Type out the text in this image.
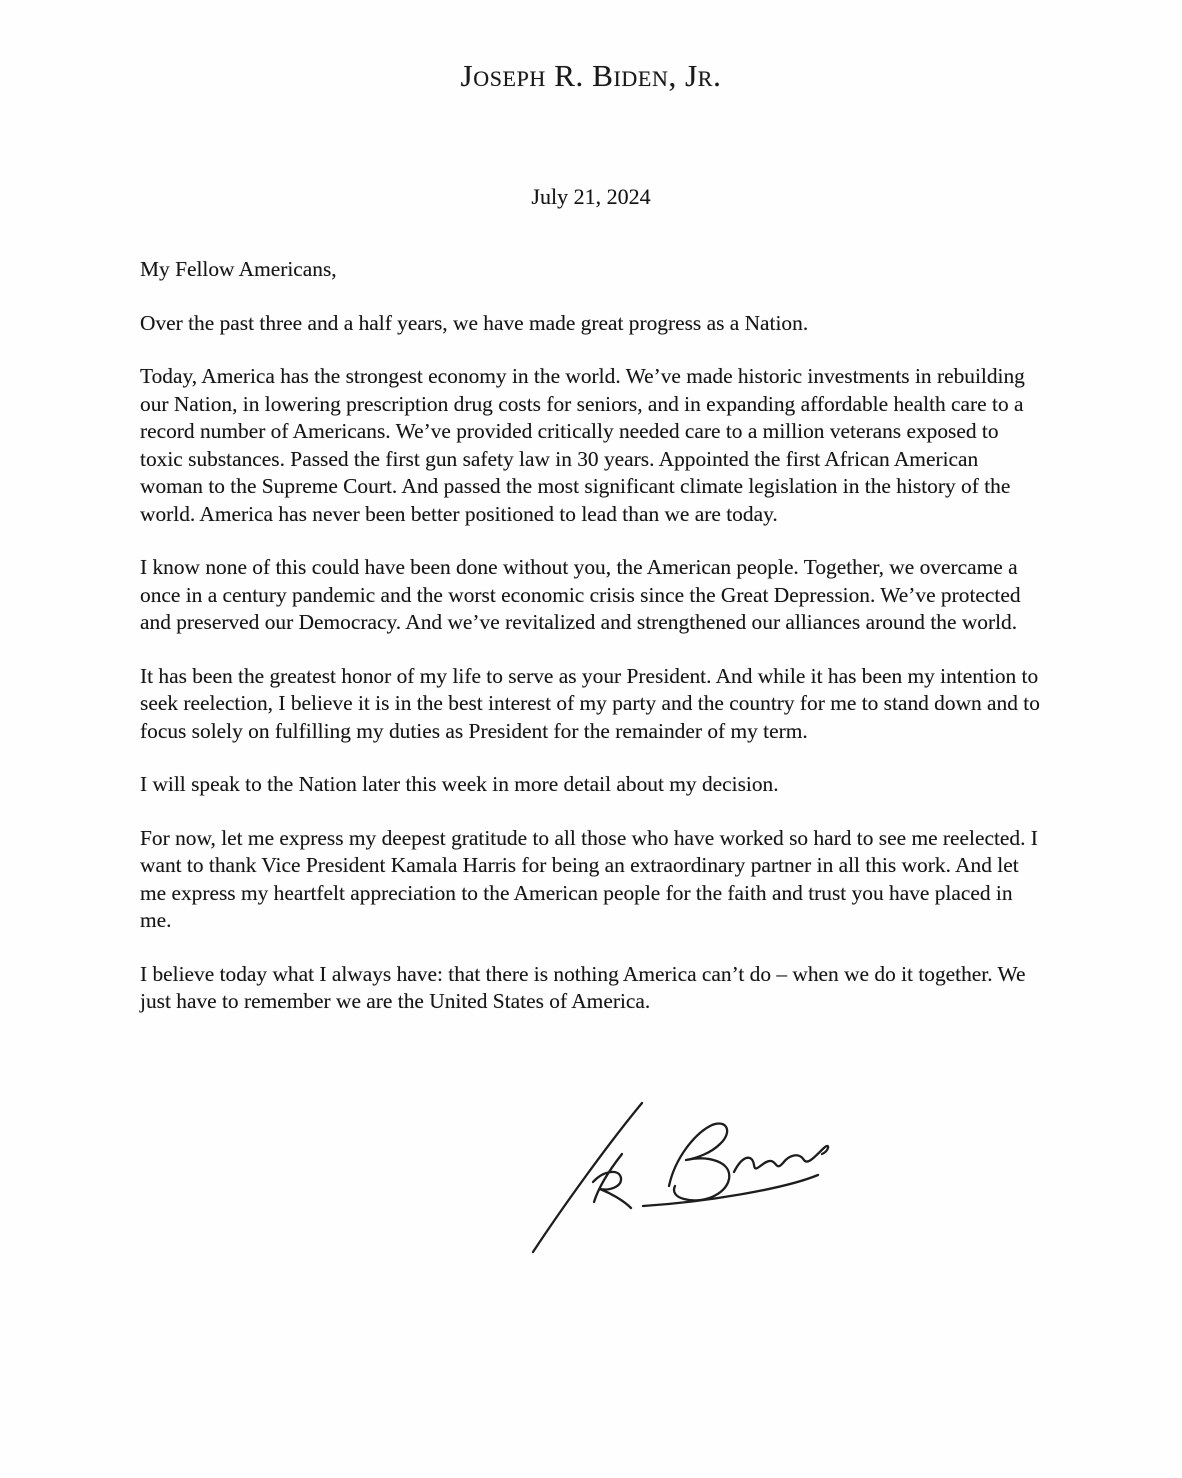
Joseph R. Biden, Jr.
July 21, 2024

My Fellow Americans,

Over the past three and a half years, we have made great progress as a Nation.

Today, America has the strongest economy in the world. We’ve made historic investments in rebuilding our Nation, in lowering prescription drug costs for seniors, and in expanding affordable health care to a record number of Americans. We’ve provided critically needed care to a million veterans exposed to toxic substances. Passed the first gun safety law in 30 years. Appointed the first African American woman to the Supreme Court. And passed the most significant climate legislation in the history of the world. America has never been better positioned to lead than we are today.

I know none of this could have been done without you, the American people. Together, we overcame a once in a century pandemic and the worst economic crisis since the Great Depression. We’ve protected and preserved our Democracy. And we’ve revitalized and strengthened our alliances around the world.

It has been the greatest honor of my life to serve as your President. And while it has been my intention to seek reelection, I believe it is in the best interest of my party and the country for me to stand down and to focus solely on fulfilling my duties as President for the remainder of my term.

I will speak to the Nation later this week in more detail about my decision.

For now, let me express my deepest gratitude to all those who have worked so hard to see me reelected. I want to thank Vice President Kamala Harris for being an extraordinary partner in all this work. And let me express my heartfelt appreciation to the American people for the faith and trust you have placed in me.

I believe today what I always have: that there is nothing America can’t do – when we do it together. We just have to remember we are the United States of America.
